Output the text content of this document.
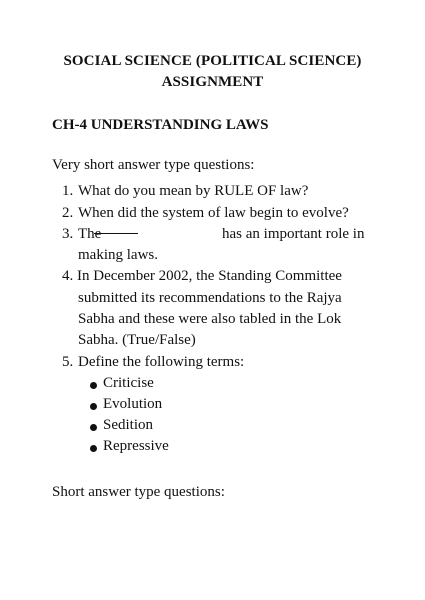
SOCIAL SCIENCE (POLITICAL SCIENCE)
ASSIGNMENT
CH-4 UNDERSTANDING LAWS
Very short answer type questions:
1. What do you mean by RULE OF law?
2. When did the system of law begin to evolve?
3. The	has an important role in
making laws.
4. In December 2002, the Standing Committee
submitted its recommendations to the Rajya
Sabha and these were also tabled in the Lok
Sabha. (True/False)
5. Define the following terms:
Criticise
Evolution
Sedition
Repressive
Short answer type questions:
